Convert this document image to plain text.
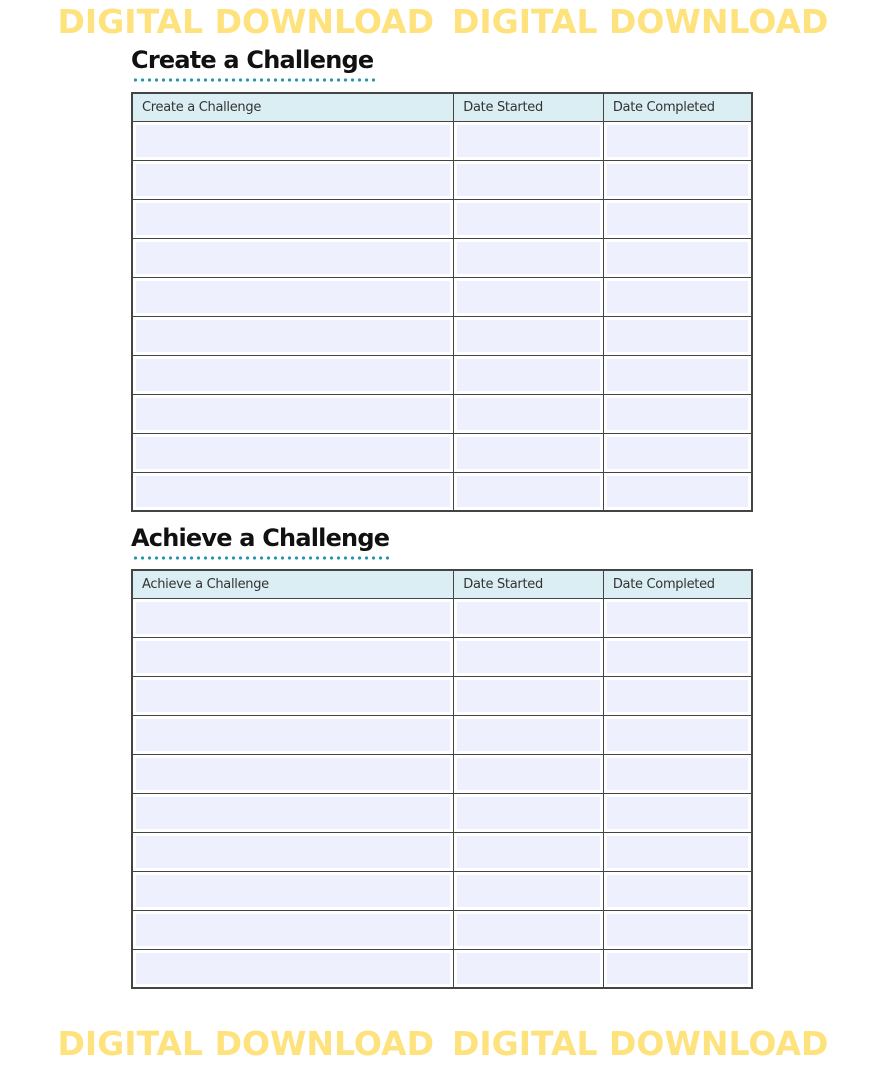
DIGITAL DOWNLOAD DIGITAL DOWNLOAD
Create a Challenge
Create a Challenge	Date Started	Date Completed

Achieve a Challenge
Achieve a Challenge	Date Started	Date Completed

DIGITAL DOWNLOAD DIGITAL DOWNLOAD
